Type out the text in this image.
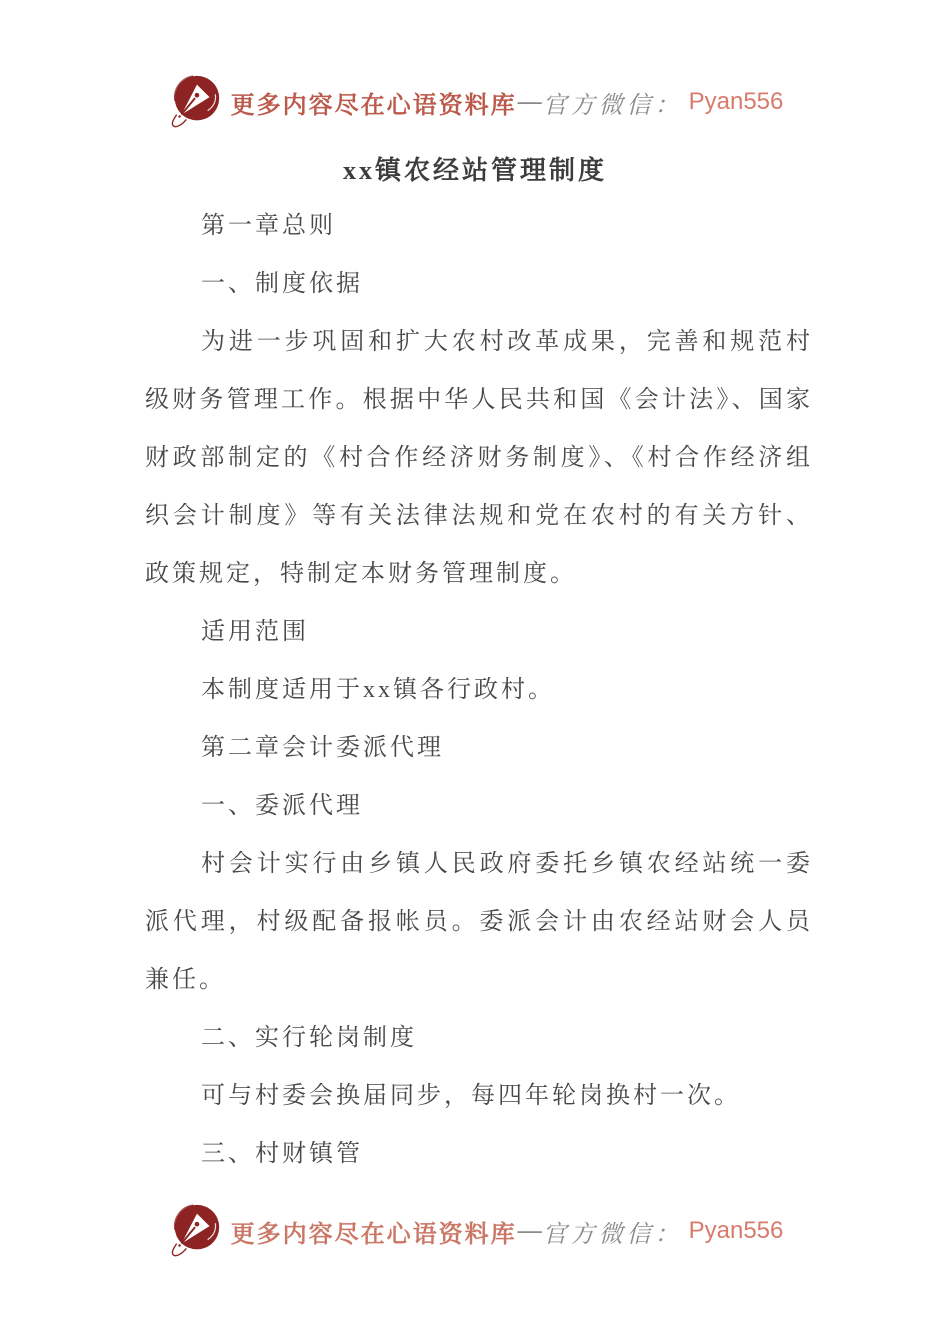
更多内容尽在心语资料库 — 官方微信： Pyan556
xx镇农经站管理制度

第一章总则

一、制度依据

为进一步巩固和扩大农村改革成果，完善和规范村级财务管理工作。根据中华人民共和国《会计法》、国家财政部制定的《村合作经济财务制度》、《村合作经济组织会计制度》等有关法律法规和党在农村的有关方针、政策规定，特制定本财务管理制度。

适用范围

本制度适用于xx镇各行政村。

第二章会计委派代理

一、委派代理

村会计实行由乡镇人民政府委托乡镇农经站统一委派代理，村级配备报帐员。委派会计由农经站财会人员兼任。

二、实行轮岗制度

可与村委会换届同步，每四年轮岗换村一次。

三、村财镇管

更多内容尽在心语资料库 — 官方微信： Pyan556
